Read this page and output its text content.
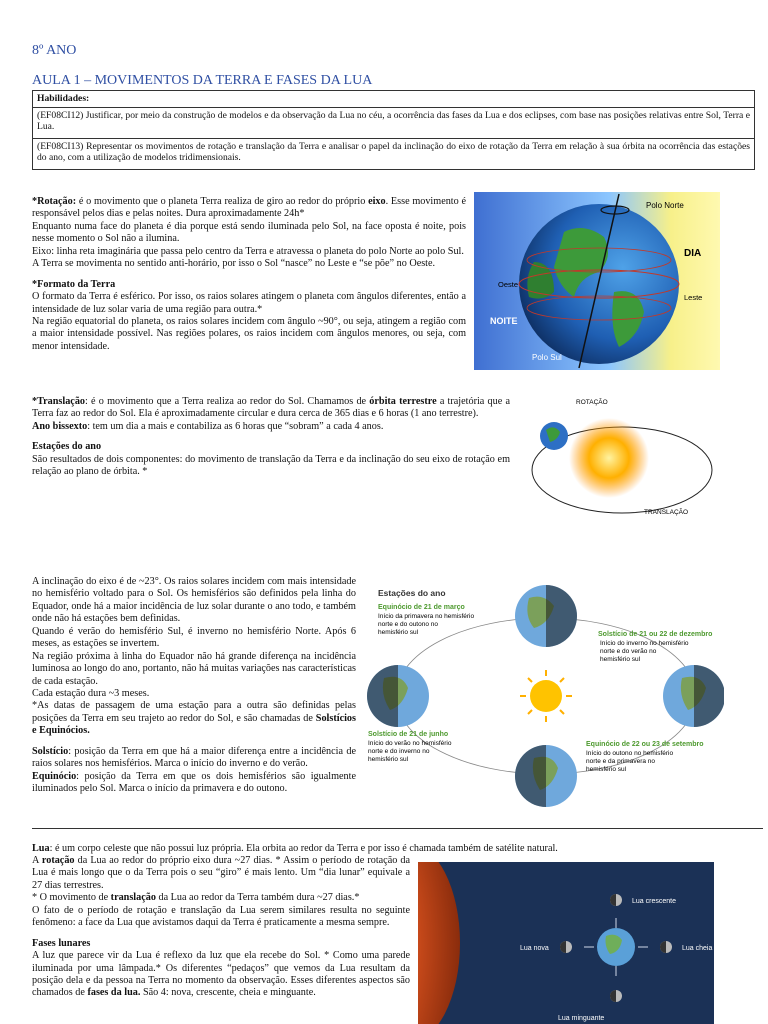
8º ANO
AULA 1 – MOVIMENTOS DA TERRA E FASES DA LUA
Habilidades:
(EF08CI12) Justificar, por meio da construção de modelos e da observação da Lua no céu, a ocorrência das fases da Lua e dos eclipses, com base nas posições relativas entre Sol, Terra e Lua.
(EF08CI13) Representar os movimentos de rotação e translação da Terra e analisar o papel da inclinação do eixo de rotação da Terra em relação à sua órbita na ocorrência das estações do ano, com a utilização de modelos tridimensionais.

*Rotação: é o movimento que o planeta Terra realiza de giro ao redor do próprio eixo. Esse movimento é responsável pelos dias e pelas noites. Dura aproximadamente 24h*

Enquanto numa face do planeta é dia porque está sendo iluminada pelo Sol, na face oposta é noite, pois nesse momento o Sol não a ilumina.

Eixo: linha reta imaginária que passa pelo centro da Terra e atravessa o planeta do polo Norte ao polo Sul.

A Terra se movimenta no sentido anti-horário, por isso o Sol “nasce” no Leste e “se põe” no Oeste.

*Formato da Terra

O formato da Terra é esférico. Por isso, os raios solares atingem o planeta com ângulos diferentes, então a intensidade de luz solar varia de uma região para outra.*

Na região equatorial do planeta, os raios solares incidem com ângulo ~90°, ou seja, atingem a região com a maior intensidade possível. Nas regiões polares, os raios incidem com ângulos menores, ou seja, com menor intensidade.

Polo Norte
DIA
Oeste
Leste
NOITE
Polo Sul

*Translação: é o movimento que a Terra realiza ao redor do Sol. Chamamos de órbita terrestre a trajetória que a Terra faz ao redor do Sol. Ela é aproximadamente circular e dura cerca de 365 dias e 6 horas (1 ano terrestre).

Ano bissexto: tem um dia a mais e contabiliza as 6 horas que “sobram” a cada 4 anos.

Estações do ano

São resultados de dois componentes: do movimento de translação da Terra e da inclinação do seu eixo de rotação em relação ao plano de órbita. *

ROTAÇÃO
TRANSLAÇÃO

A inclinação do eixo é de ~23°. Os raios solares incidem com mais intensidade no hemisfério voltado para o Sol. Os hemisférios são definidos pela linha do Equador, onde há a maior incidência de luz solar durante o ano todo, e também onde não há estações bem definidas.

Quando é verão do hemisfério Sul, é inverno no hemisfério Norte. Após 6 meses, as estações se invertem.

Na região próxima à linha do Equador não há grande diferença na incidência luminosa ao longo do ano, portanto, não há muitas variações nas características de cada estação.

Cada estação dura ~3 meses.

*As datas de passagem de uma estação para a outra são definidas pelas posições da Terra em seu trajeto ao redor do Sol, e são chamadas de Solstícios e Equinócios.

Solstício: posição da Terra em que há a maior diferença entre a incidência de raios solares nos hemisférios. Marca o início do inverno e do verão.

Equinócio: posição da Terra em que os dois hemisférios são igualmente iluminados pelo Sol. Marca o início da primavera e do outono.

Estações do ano
Equinócio de 21 de março
Início da primavera no hemisfério
norte e do outono no
hemisfério sul	Solstício de 21 ou 22 de dezembro
Início do inverno no hemisfério
norte e do verão no
hemisfério sul
Solstício de 21 de junho
Início do verão no hemisfério
norte e do inverno no
hemisfério sul
Equinócio de 22 ou 23 de setembro
Início do outono no hemisfério
norte e da primavera no
hemisfério sul

Lua: é um corpo celeste que não possui luz própria. Ela orbita ao redor da Terra e por isso é chamada também de satélite natural.

A rotação da Lua ao redor do próprio eixo dura ~27 dias. * Assim o período de rotação da Lua é mais longo que o da Terra pois o seu “giro” é mais lento. Um “dia lunar” equivale a 27 dias terrestres.

* O movimento de translação da Lua ao redor da Terra também dura ~27 dias.*

O fato de o período de rotação e translação da Lua serem similares resulta no seguinte fenômeno: a face da Lua que avistamos daqui da Terra é praticamente a mesma sempre.

Fases lunares

A luz que parece vir da Lua é reflexo da luz que ela recebe do Sol. * Como uma parede iluminada por uma lâmpada.* Os diferentes “pedaços” que vemos da Lua resultam da posição dela e da pessoa na Terra no momento da observação. Esses diferentes aspectos são chamados de fases da lua. São 4: nova, crescente, cheia e minguante.

Lua crescente
Lua nova	Lua cheia
Lua minguante
